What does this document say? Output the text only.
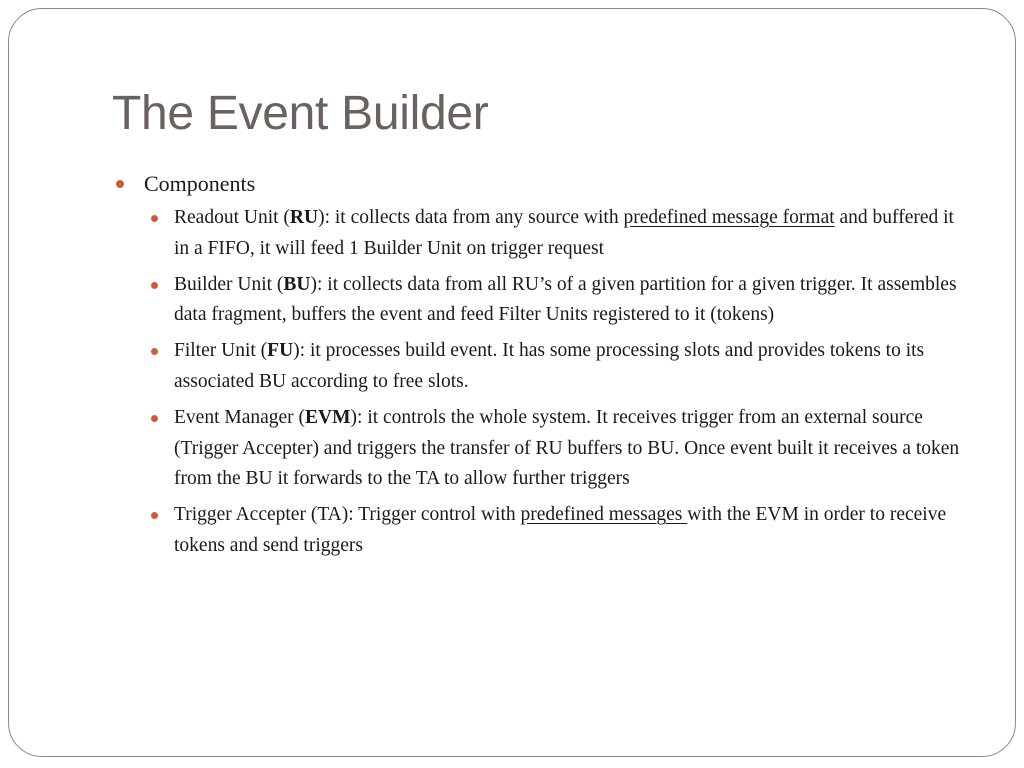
The Event Builder
Components
Readout Unit (RU): it collects data from any source with predefined message format and buffered it in a FIFO, it will feed 1 Builder Unit on trigger request
Builder Unit (BU): it collects data from all RU’s of a given partition for a given trigger. It assembles data fragment, buffers the event and feed Filter Units registered to it (tokens)
Filter Unit (FU): it processes build event. It has some processing slots and provides tokens to its associated BU according to free slots.
Event Manager (EVM): it controls the whole system. It receives trigger from an external source (Trigger Accepter) and triggers the transfer of RU buffers to BU. Once event built it receives a token from the BU it forwards to the TA to allow further triggers
Trigger Accepter (TA): Trigger control with predefined messages with the EVM in order to receive tokens and send triggers
